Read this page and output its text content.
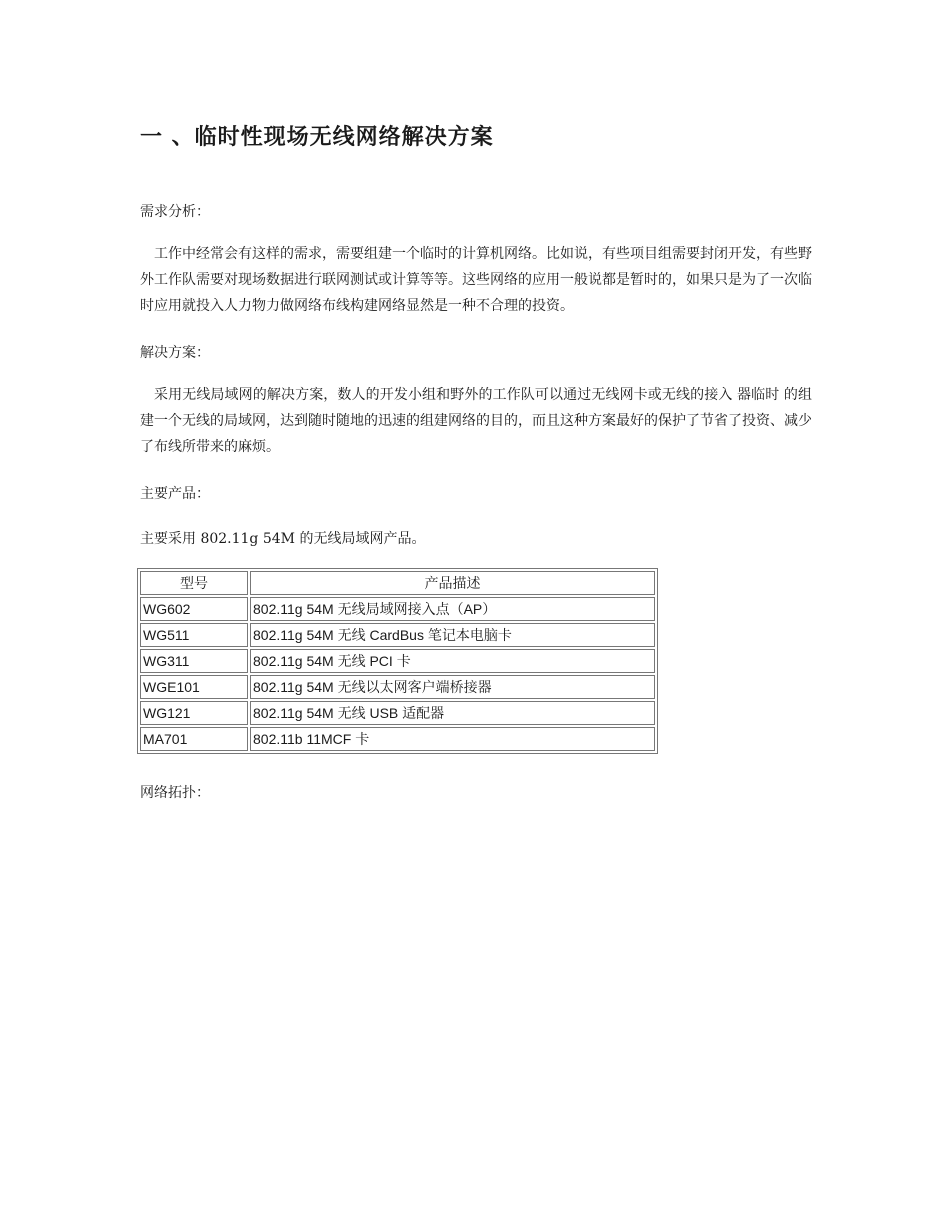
一 、临时性现场无线网络解决方案

需求分析：

工作中经常会有这样的需求，需要组建一个临时的计算机网络。比如说，有些项目组需要封闭开发，有些野外工作队需要对现场数据进行联网测试或计算等等。这些网络的应用一般说都是暂时的，如果只是为了一次临时应用就投入人力物力做网络布线构建网络显然是一种不合理的投资。

解决方案：

采用无线局域网的解决方案，数人的开发小组和野外的工作队可以通过无线网卡或无线的接入 器临时 的组建一个无线的局域网，达到随时随地的迅速的组建网络的目的，而且这种方案最好的保护了节省了投资、减少了布线所带来的麻烦。

主要产品：

主要采用 802.11g 54M 的无线局域网产品。

型号	产品描述
WG602	802.11g 54M 无线局域网接入点（AP）
WG511	802.11g 54M 无线 CardBus 笔记本电脑卡
WG311	802.11g 54M 无线 PCI 卡
WGE101	802.11g 54M 无线以太网客户端桥接器
WG121	802.11g 54M 无线 USB 适配器
MA701	802.11b 11MCF 卡

网络拓扑：
